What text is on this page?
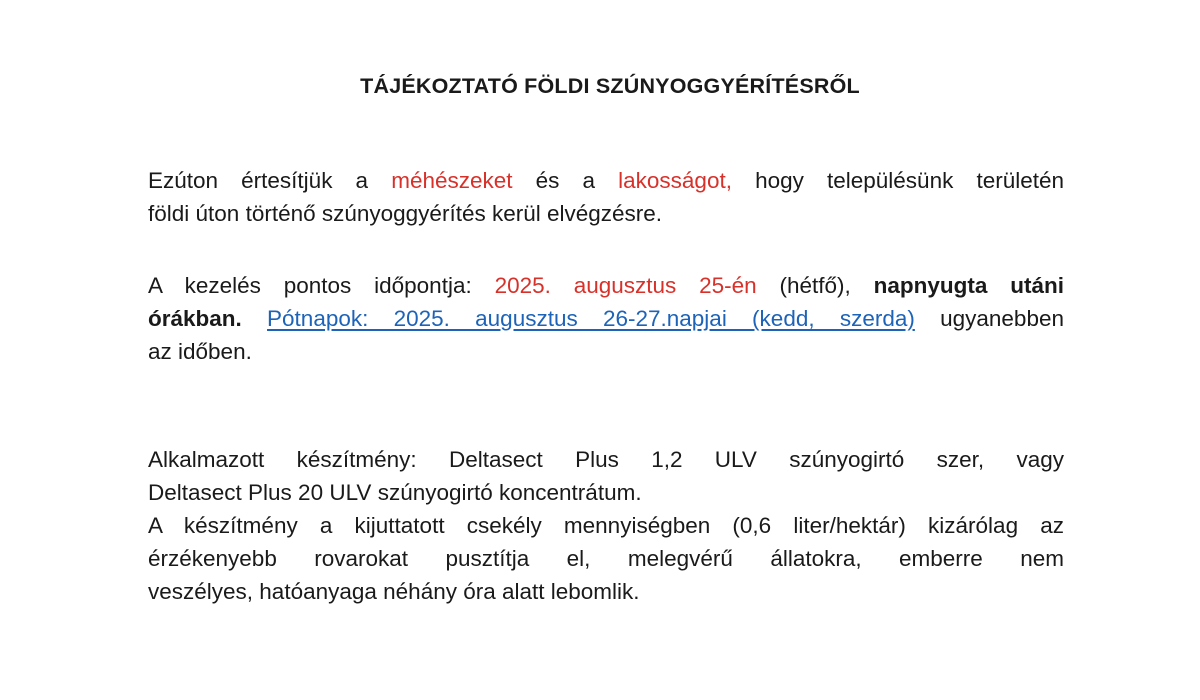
TÁJÉKOZTATÓ FÖLDI SZÚNYOGGYÉRÍTÉSRŐL
Ezúton értesítjük a méhészeket és a lakosságot, hogy településünk területén
földi úton történő szúnyoggyérítés kerül elvégzésre.
A kezelés pontos időpontja: 2025. augusztus 25-én (hétfő), napnyugta utáni
órákban. Pótnapok: 2025. augusztus 26-27.napjai (kedd, szerda) ugyanebben
az időben.
Alkalmazott készítmény: Deltasect Plus 1,2 ULV szúnyogirtó szer, vagy
Deltasect Plus 20 ULV szúnyogirtó koncentrátum.
A készítmény a kijuttatott csekély mennyiségben (0,6 liter/hektár) kizárólag az
érzékenyebb rovarokat pusztítja el, melegvérű állatokra, emberre nem
veszélyes, hatóanyaga néhány óra alatt lebomlik.
